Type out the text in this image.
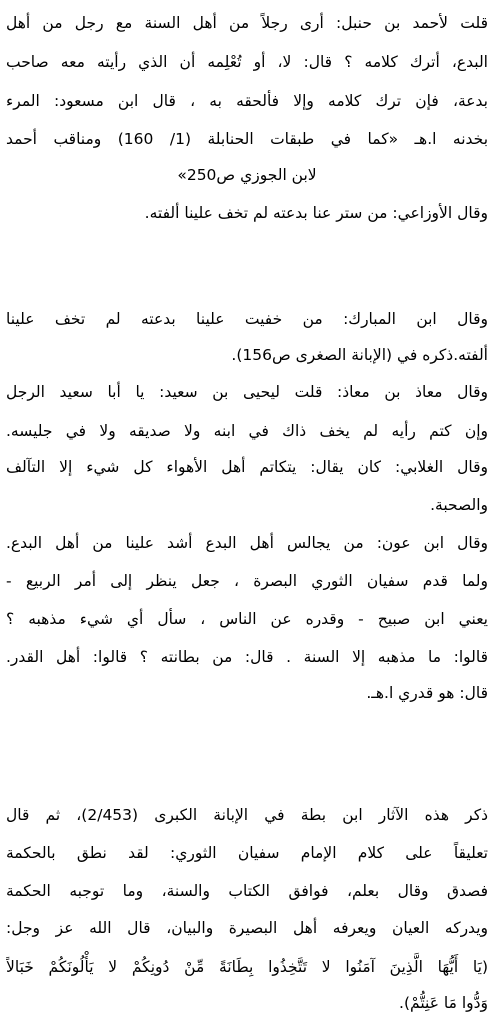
قلت لأحمد بن حنبل: أرى رجلاً من أهل السنة مع رجل من أهل
البدع، أترك كلامه ؟ قال: لا، أو تُعْلِمه أن الذي رأيته معه صاحب
بدعة، فإن ترك كلامه وإلا فألحقه به ، قال ابن مسعود: المرء
بخدنه ا.هـ «كما في طبقات الحنابلة (1/ 160) ومناقب أحمد
لابن الجوزي ص250»
وقال الأوزاعي: من ستر عنا بدعته لم تخف علينا ألفته.
وقال ابن المبارك: من خفيت علينا بدعته لم تخف علينا
ألفته.ذكره في (الإبانة الصغرى ص156).
وقال معاذ بن معاذ: قلت ليحيى بن سعيد: يا أبا سعيد الرجل
وإن كتم رأيه لم يخف ذاك في ابنه ولا صديقه ولا في جليسه.
وقال الغلابي: كان يقال: يتكاتم أهل الأهواء كل شيء إلا التآلف
والصحبة.
وقال ابن عون: من يجالس أهل البدع أشد علينا من أهل البدع.
ولما قدم سفيان الثوري البصرة ، جعل ينظر إلى أمر الربيع -
يعني ابن صبيح - وقدره عن الناس ، سأل أي شيء مذهبه ؟
قالوا: ما مذهبه إلا السنة . قال: من بطانته ؟ قالوا: أهل القدر.
قال: هو قدري ا.هـ.
ذكر هذه الآثار ابن بطة في الإبانة الكبرى (2/453)، ثم قال
تعليقاً على كلام الإمام سفيان الثوري: لقد نطق بالحكمة
فصدق وقال بعلم، فوافق الكتاب والسنة، وما توجبه الحكمة
ويدركه العيان ويعرفه أهل البصيرة والبيان، قال الله عز وجل:
(يَا أَيُّهَا الَّذِينَ آمَنُوا لا تَتَّخِذُوا بِطَانَةً مِّنْ دُونِكُمْ لا يَأْلُونَكُمْ خَبَالاً
وَدُّوا مَا عَنِتُّمْ).
